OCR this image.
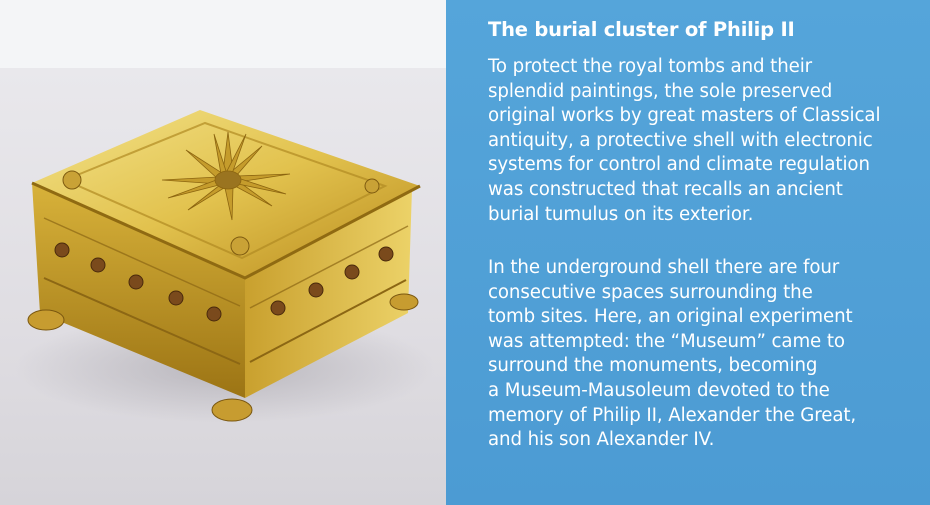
The burial cluster of Philip II

To protect the royal tombs and their
splendid paintings, the sole preserved
original works by great masters of Classical
antiquity, a protective shell with electronic
systems for control and climate regulation
was constructed that recalls an ancient
burial tumulus on its exterior.

In the underground shell there are four
consecutive spaces surrounding the
tomb sites. Here, an original experiment
was attempted: the “Museum” came to
surround the monuments, becoming
a Museum-Mausoleum devoted to the
memory of Philip II, Alexander the Great,
and his son Alexander IV.
